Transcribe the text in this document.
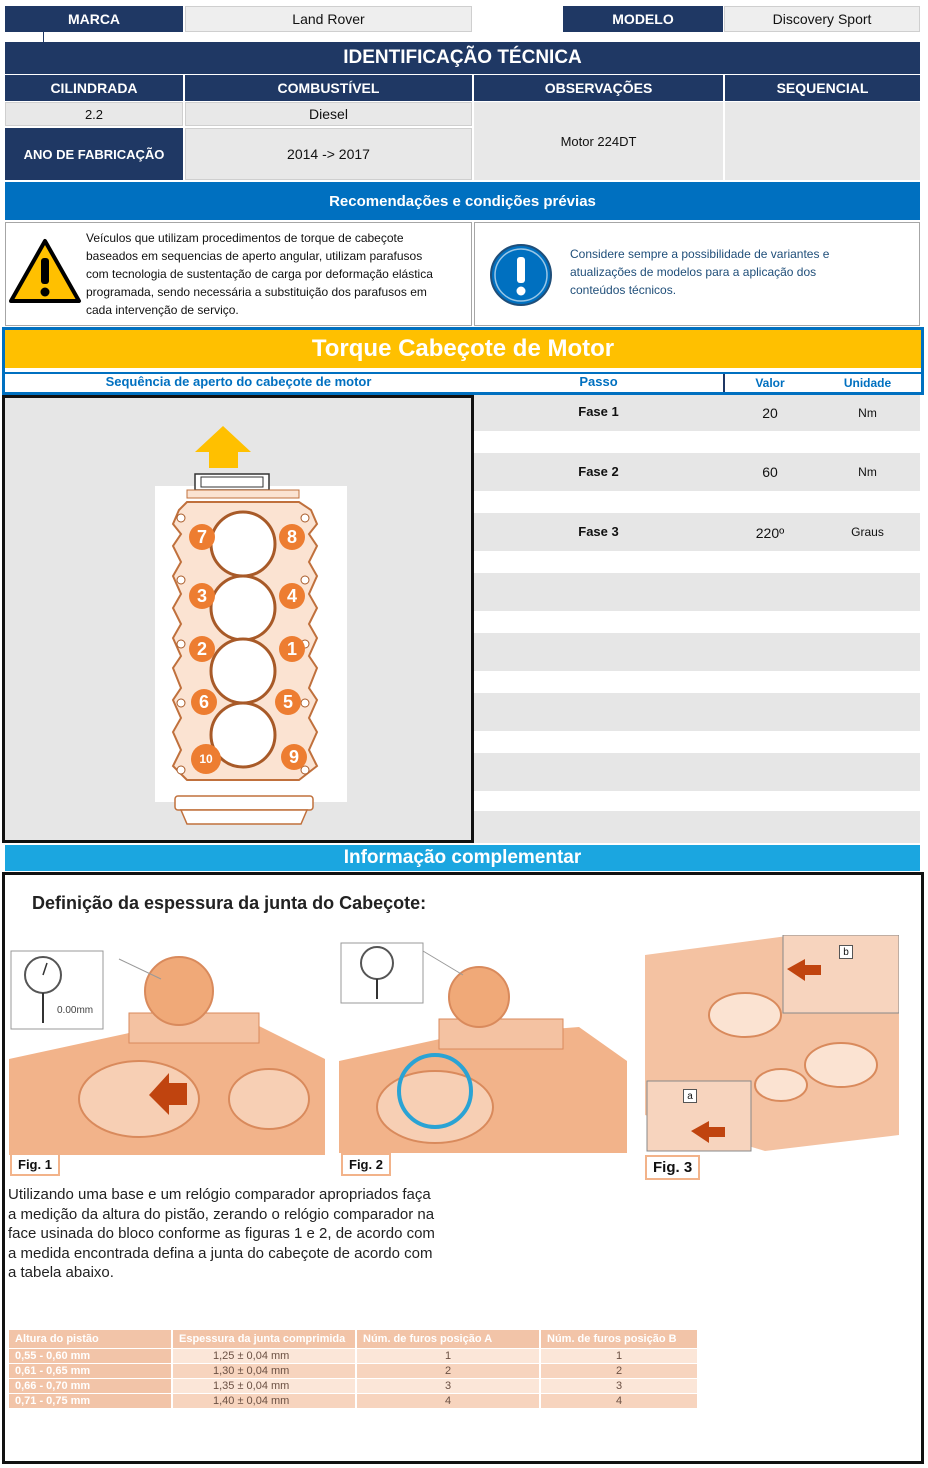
MARCA	Land Rover	MODELO	Discovery Sport
IDENTIFICAÇÃO TÉCNICA
CILINDRADA	COMBUSTÍVEL	OBSERVAÇÕES	SEQUENCIAL
2.2	Diesel
Motor 224DT
ANO DE FABRICAÇÃO	2014 -> 2017
Recomendações e condições prévias
Veículos que utilizam procedimentos de torque de cabeçote
baseados em sequencias de aperto angular, utilizam parafusos
com tecnologia de sustentação de carga por deformação elástica
programada, sendo necessária a substituição dos parafusos em
cada intervenção de serviço.
Considere sempre a possibilidade de variantes e
atualizações de modelos para a aplicação dos
conteúdos técnicos.
Torque Cabeçote de Motor
Sequência de aperto do cabeçote de motor	Passo	Valor	Unidade
7	8
3	4
2	1
6	5
10	9
Fase 1	20	Nm
Fase 2	60	Nm
Fase 3	220º	Graus
Informação complementar
Definição da espessura da junta do Cabeçote:
0.00mm
Fig. 1	Fig. 2
b
a
Fig. 3
Utilizando uma base e um relógio comparador apropriados faça
a medição da altura do pistão, zerando o relógio comparador na
face usinada do bloco conforme as figuras 1 e 2, de acordo com
a medida encontrada defina a junta do cabeçote de acordo com
a tabela abaixo.
Altura do pistão	Espessura da junta comprimida	Núm. de furos posição A	Núm. de furos posição B
0,55 - 0,60 mm	1,25 ± 0,04 mm	1	1
0,61 - 0,65 mm	1,30 ± 0,04 mm	2	2
0,66 - 0,70 mm	1,35 ± 0,04 mm	3	3
0,71 - 0,75 mm	1,40 ± 0,04 mm	4	4
